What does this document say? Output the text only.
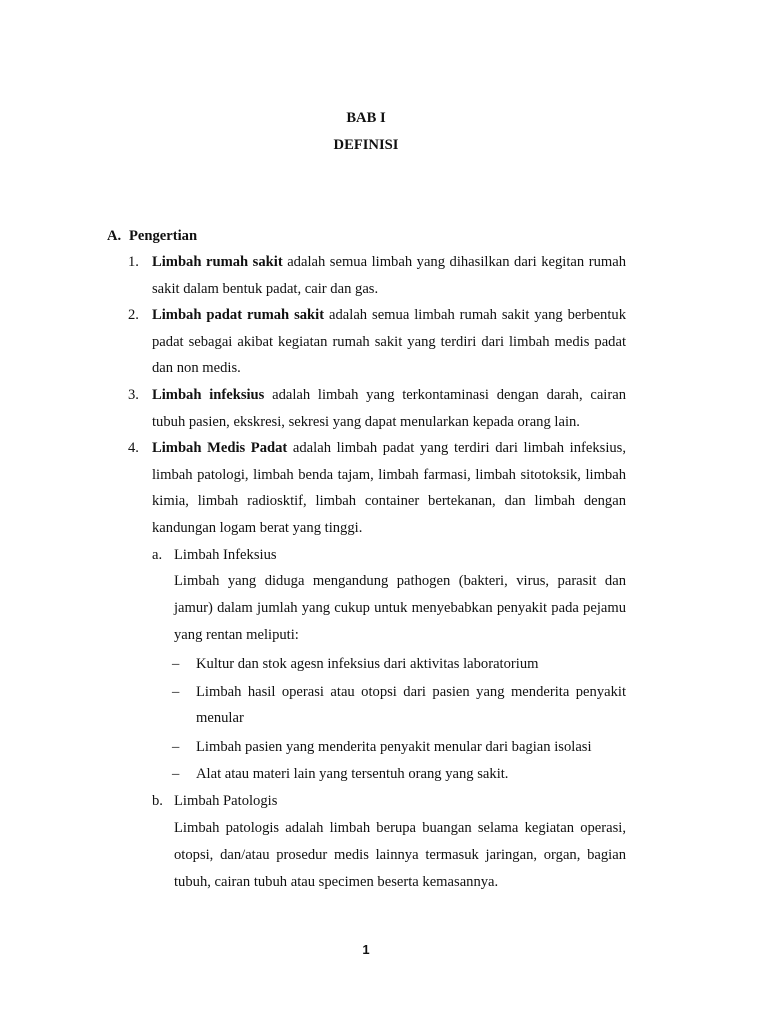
BAB I
DEFINISI
A. Pengertian
1. Limbah rumah sakit adalah semua limbah yang dihasilkan dari kegitan rumah sakit dalam bentuk padat, cair dan gas.
2. Limbah padat rumah sakit adalah semua limbah rumah sakit yang berbentuk padat sebagai akibat kegiatan rumah sakit yang terdiri dari limbah medis padat dan non medis.
3. Limbah infeksius adalah limbah yang terkontaminasi dengan darah, cairan tubuh pasien, ekskresi, sekresi yang dapat menularkan kepada orang lain.
4. Limbah Medis Padat adalah limbah padat yang terdiri dari limbah infeksius, limbah patologi, limbah benda tajam, limbah farmasi, limbah sitotoksik, limbah kimia, limbah radiosktif, limbah container bertekanan, dan limbah dengan kandungan logam berat yang tinggi.
a. Limbah Infeksius
Limbah yang diduga mengandung pathogen (bakteri, virus, parasit dan jamur) dalam jumlah yang cukup untuk menyebabkan penyakit pada pejamu yang rentan meliputi:
– Kultur dan stok agesn infeksius dari aktivitas laboratorium
– Limbah hasil operasi atau otopsi dari pasien yang menderita penyakit menular
– Limbah pasien yang menderita penyakit menular dari bagian isolasi
– Alat atau materi lain yang tersentuh orang yang sakit.
b. Limbah Patologis
Limbah patologis adalah limbah berupa buangan selama kegiatan operasi, otopsi, dan/atau prosedur medis lainnya termasuk jaringan, organ, bagian tubuh, cairan tubuh atau specimen beserta kemasannya.
1
